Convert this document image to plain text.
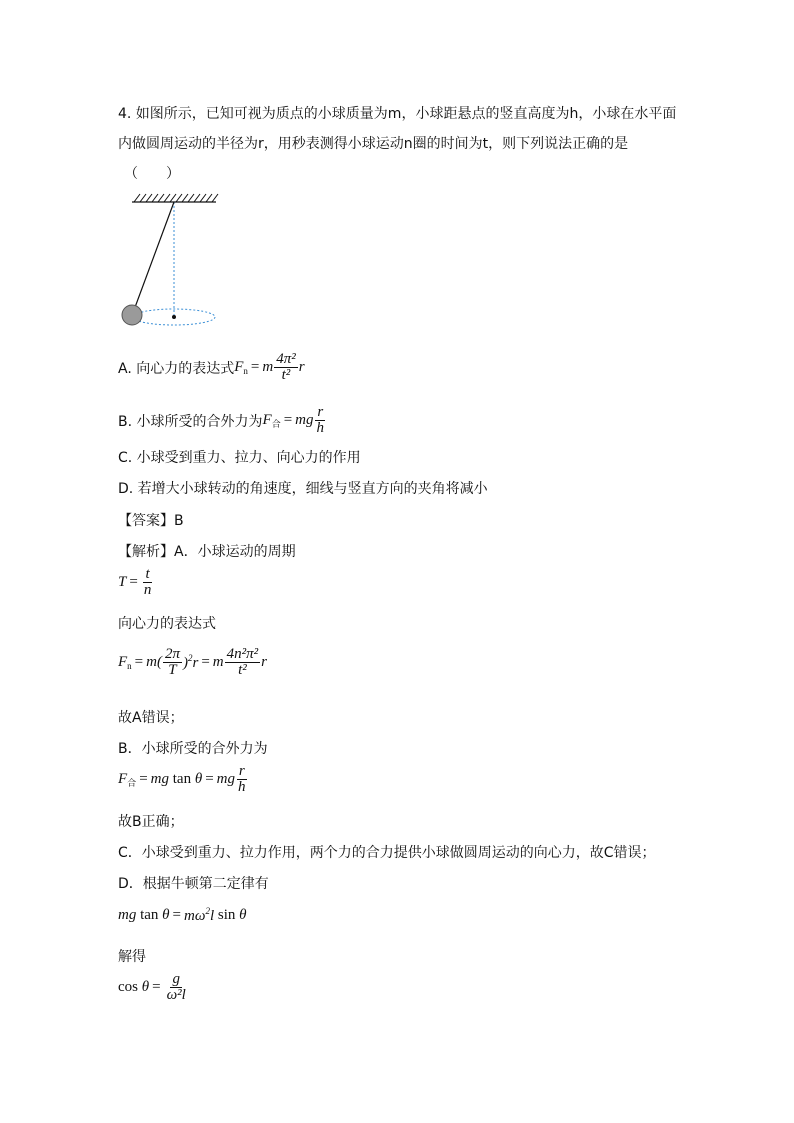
4. 如图所示，已知可视为质点的小球质量为m，小球距悬点的竖直高度为h，小球在水平面
内做圆周运动的半径为r，用秒表测得小球运动n圈的时间为t，则下列说法正确的是
（　　）
A. 向心力的表达式 $F_n = m \frac{\text{4π²}}{\text{t²}}$ r
B. 小球所受的合外力为 $F_合$ = mg $\frac{r}{h}$
C. 小球受到重力、拉力、向心力的作用
D. 若增大小球转动的角速度，细线与竖直方向的夹角将减小
【答案】B
【解析】A．小球运动的周期
$T = \frac{t}{n}$
向心力的表达式
$F_n = m( \frac{2\pi}{T} )^2r = m \frac{\text{4n²π²}}{\text{t²}}$ r
故A错误；
B．小球所受的合外力为
$F_合$ = mg tan θ = mg $\frac{r}{h}$
故B正确；
C．小球受到重力、拉力作用，两个力的合力提供小球做圆周运动的向心力，故C错误；
D．根据牛顿第二定律有
mg $\tan \theta = m\omega^2l$ sin θ
解得
$\cos \theta = \frac{g}{\text{ω²l}}$
